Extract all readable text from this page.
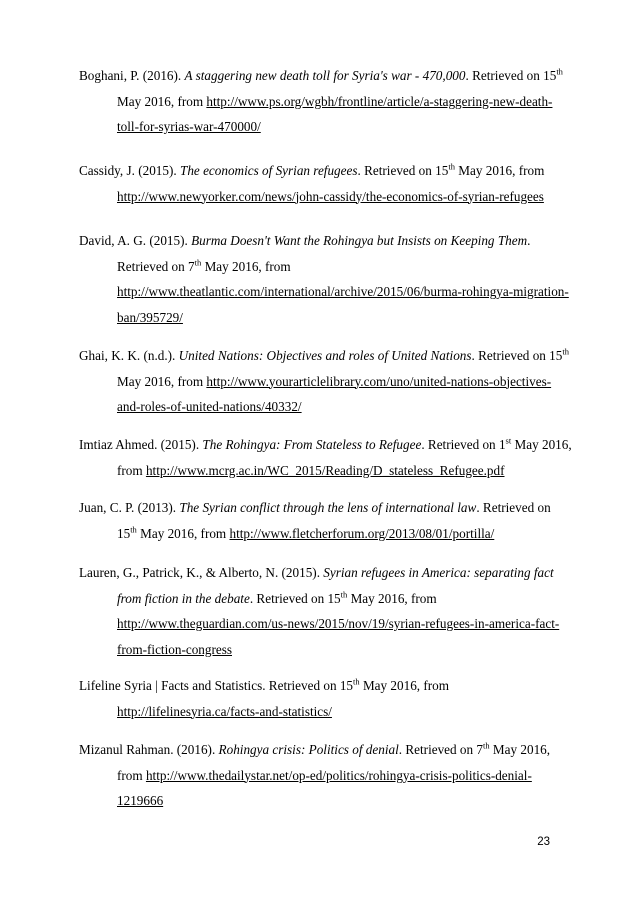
Boghani, P. (2016). A staggering new death toll for Syria's war - 470,000. Retrieved on 15th
May 2016, from http://www.ps.org/wgbh/frontline/article/a-staggering-new-death-
toll-for-syrias-war-470000/
Cassidy, J. (2015). The economics of Syrian refugees. Retrieved on 15th May 2016, from
http://www.newyorker.com/news/john-cassidy/the-economics-of-syrian-refugees
David, A. G. (2015). Burma Doesn't Want the Rohingya but Insists on Keeping Them.
Retrieved on 7th May 2016, from
http://www.theatlantic.com/international/archive/2015/06/burma-rohingya-migration-
ban/395729/
Ghai, K. K. (n.d.). United Nations: Objectives and roles of United Nations. Retrieved on 15th
May 2016, from http://www.yourarticlelibrary.com/uno/united-nations-objectives-
and-roles-of-united-nations/40332/
Imtiaz Ahmed. (2015). The Rohingya: From Stateless to Refugee. Retrieved on 1st May 2016,
from http://www.mcrg.ac.in/WC_2015/Reading/D_stateless_Refugee.pdf
Juan, C. P. (2013). The Syrian conflict through the lens of international law. Retrieved on
15th May 2016, from http://www.fletcherforum.org/2013/08/01/portilla/
Lauren, G., Patrick, K., & Alberto, N. (2015). Syrian refugees in America: separating fact
from fiction in the debate. Retrieved on 15th May 2016, from
http://www.theguardian.com/us-news/2015/nov/19/syrian-refugees-in-america-fact-
from-fiction-congress
Lifeline Syria | Facts and Statistics. Retrieved on 15th May 2016, from
http://lifelinesyria.ca/facts-and-statistics/
Mizanul Rahman. (2016). Rohingya crisis: Politics of denial. Retrieved on 7th May 2016,
from http://www.thedailystar.net/op-ed/politics/rohingya-crisis-politics-denial-
1219666
23
